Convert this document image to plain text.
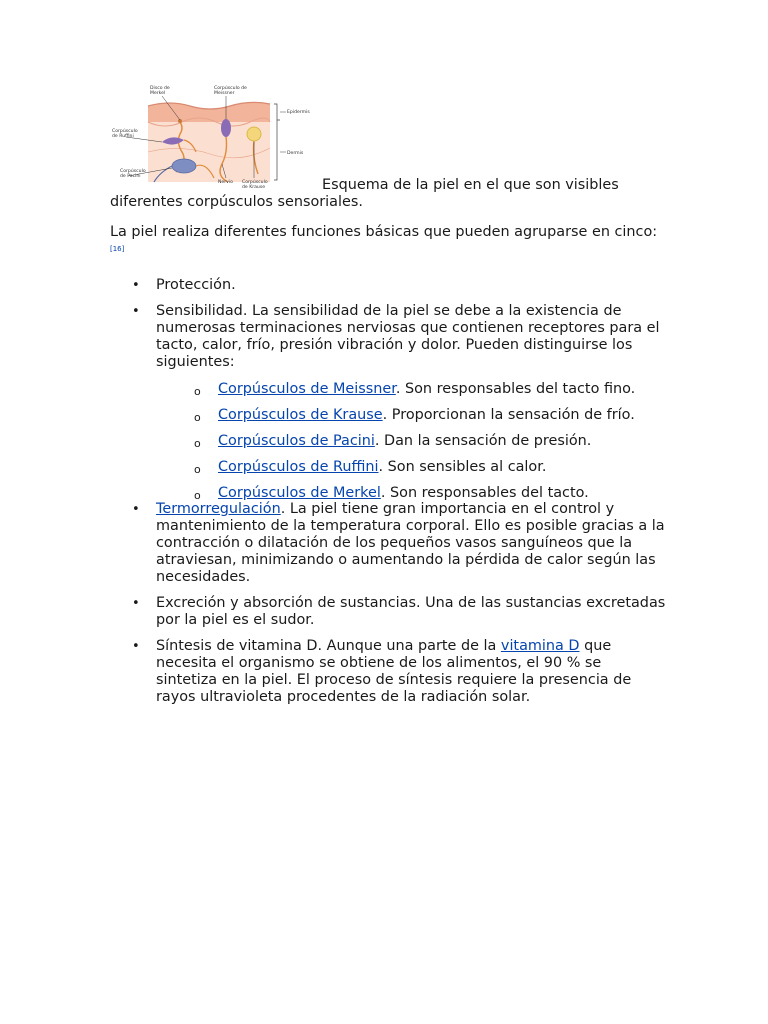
Disco de
Merkel
Corpúsculo de
Meissner
Epidermis
Corpúsculo
de Ruffini
Dermis
Corpúsculo
de Pacini
Nervio Corpúsculo
de Krause	Esquema de la piel en el que son visibles
diferentes corpúsculos sensoriales.

La piel realiza diferentes funciones básicas que pueden agruparse en cinco:[16]

• Protección.
• Sensibilidad. La sensibilidad de la piel se debe a la existencia de numerosas terminaciones nerviosas que contienen receptores para el tacto, calor, frío, presión vibración y dolor. Pueden distinguirse los siguientes:
o Corpúsculos de Meissner. Son responsables del tacto fino.
o Corpúsculos de Krause. Proporcionan la sensación de frío.
o Corpúsculos de Pacini. Dan la sensación de presión.
o Corpúsculos de Ruffini. Son sensibles al calor.
o Corpúsculos de Merkel. Son responsables del tacto.
• Termorregulación. La piel tiene gran importancia en el control y mantenimiento de la temperatura corporal. Ello es posible gracias a la contracción o dilatación de los pequeños vasos sanguíneos que la atraviesan, minimizando o aumentando la pérdida de calor según las necesidades.
• Excreción y absorción de sustancias. Una de las sustancias excretadas por la piel es el sudor.
• Síntesis de vitamina D. Aunque una parte de la vitamina D que necesita el organismo se obtiene de los alimentos, el 90 % se sintetiza en la piel. El proceso de síntesis requiere la presencia de rayos ultravioleta procedentes de la radiación solar.
